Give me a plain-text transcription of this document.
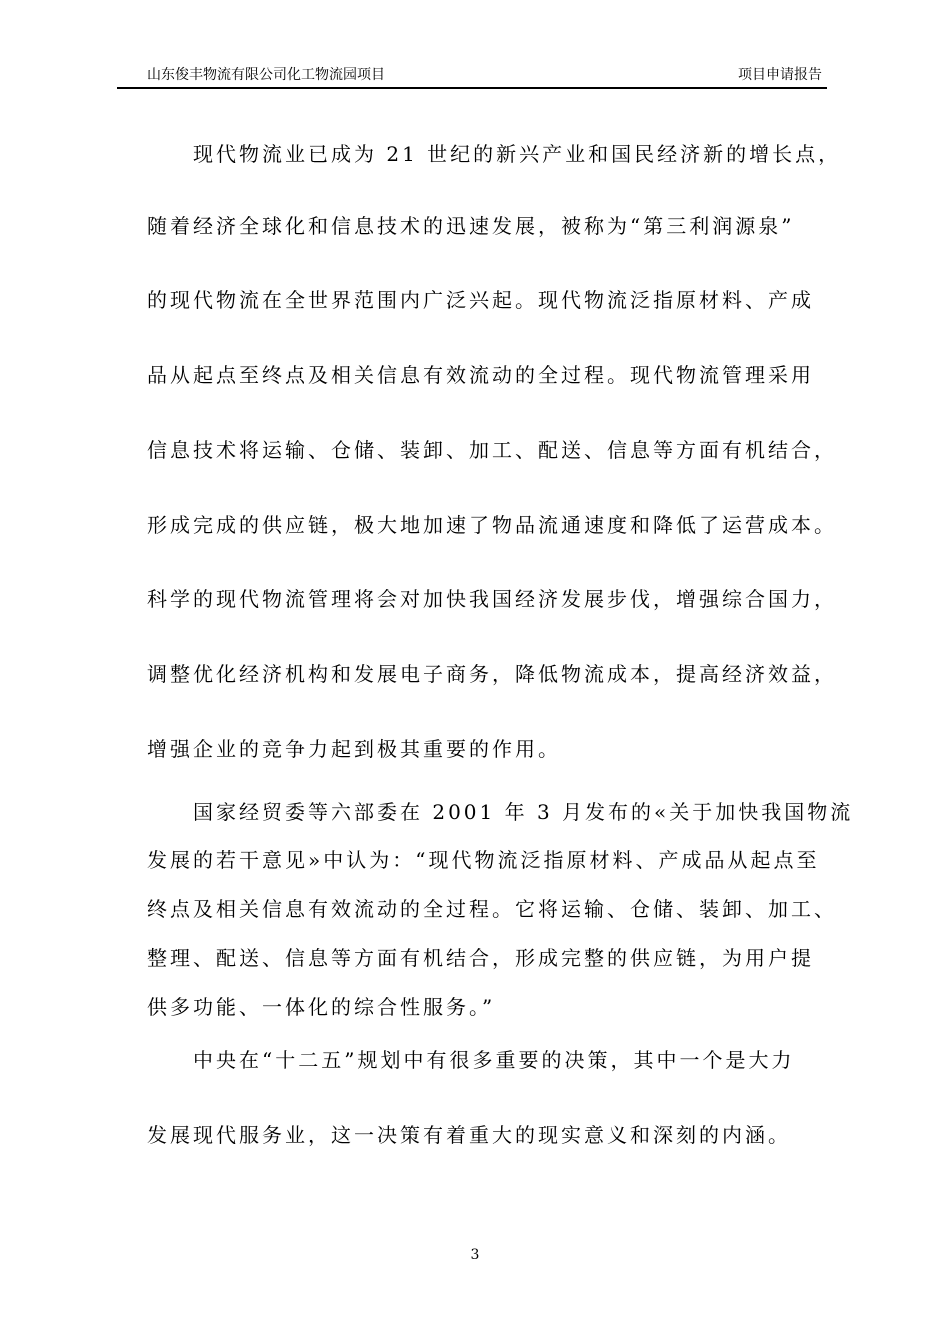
山东俊丰物流有限公司化工物流园项目	项目申请报告
现代物流业已成为 21 世纪的新兴产业和国民经济新的增长点，
随着经济全球化和信息技术的迅速发展，被称为“第三利润源泉”
的现代物流在全世界范围内广泛兴起。现代物流泛指原材料、产成
品从起点至终点及相关信息有效流动的全过程。现代物流管理采用
信息技术将运输、仓储、装卸、加工、配送、信息等方面有机结合，
形成完成的供应链，极大地加速了物品流通速度和降低了运营成本。
科学的现代物流管理将会对加快我国经济发展步伐，增强综合国力，
调整优化经济机构和发展电子商务，降低物流成本，提高经济效益，
增强企业的竞争力起到极其重要的作用。
国家经贸委等六部委在 2001 年 3 月发布的«关于加快我国物流
发展的若干意见»中认为：“现代物流泛指原材料、产成品从起点至
终点及相关信息有效流动的全过程。它将运输、仓储、装卸、加工、
整理、配送、信息等方面有机结合，形成完整的供应链，为用户提
供多功能、一体化的综合性服务。”
中央在“十二五”规划中有很多重要的决策，其中一个是大力
发展现代服务业，这一决策有着重大的现实意义和深刻的内涵。
3
